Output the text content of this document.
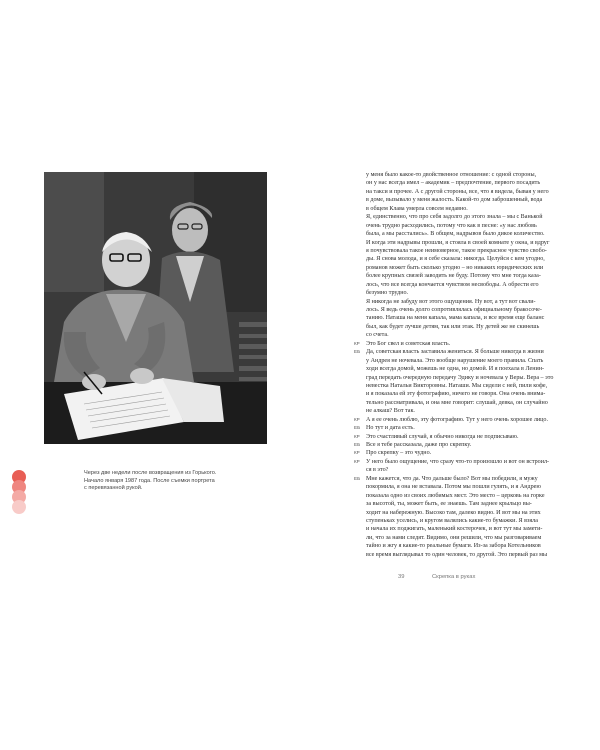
Через две недели после возвращения из Горького.
Начало января 1987 года. После съемки портрета
с перевязанной рукой.
у меня было какое-то двойственное отношение: с одной стороны,
он у нас всегда имел – академик – предпочтение, первого посадить
на такси и прочее. А с другой стороны, все, что я видела, бывая у него
в доме, вызывало у меня жалость. Какой-то дом заброшенный, вода
в общем Клава умерла совсем недавно.
Я, единственно, что про себя задолго до этого знала – мы с Ванькой
очень трудно расходились, потому что как в песне: «у нас любовь
была, а мы расстались». В общем, надрывов было дикое количество.
И когда эти надрывы прошли, я стояла в своей комнате у окна, и вдруг
я почувствовала такое неимоверное, такое прекрасное чувство свобо-
ды. Я снова молода, и я себе сказала: никогда. Целуйся с кем угодно,
романов может быть сколько угодно – но никаких юридических или
более крупных связей заводить не буду. Потому что мне тогда каза-
лось, что все всегда кончается чувством несвободы. А обрести его
безумно трудно.
Я никогда не забуду вот этого ощущения. Ну вот, а тут вот свали-
лось. Я ведь очень долго сопротивлялась официальному бракосоче-
танию. Наташа на меня капала, мама капала, и все время еще баланс
был, как будет лучше детям, так или этак. Ну детей же не скинешь
со счета.
КР Это Бог свел и советская власть.
ЕБ Да, советская власть заставила жениться. Я больше никогда в жизни
у Андрея не ночевала. Это вообще нарушение моего правила. Спать
ходи всегда домой, можешь не одна, но домой. И я поехала в Ленин-
град передать очередную передачу Эдику и ночевала у Веры. Вера – это
невестка Натальи Викторовны. Наташи. Мы сидели с ней, пили кофе,
и я показала ей эту фотографию, ничего не говоря. Она очень внима-
тельно рассматривала, и она мне говорит: слушай, девка, он случайно
не алкаш? Вот так.
КР А я ее очень люблю, эту фотографию. Тут у него очень хорошее лицо.
ЕБ Но тут и дата есть.
КР Это счастливый случай, я обычно никогда не подписываю.
ЕБ Все я тебе рассказала, даже про скрепку.
КР Про скрепку – это чудно.
КР У него было ощущение, что сразу что-то произошло и вот он встроил-
ся в это?
ЕБ Мне кажется, что да. Что дальше было? Вот мы победили, я мужу
покормила, я она не вставала. Потом мы пошли гулять, и я Андрею
показала одно из своих любимых мест. Это место – церковь на горке
за высотой, ты, может быть, ее знаешь. Там заднее крыльцо вы-
ходит на набережную. Высоко там, далеко видно. И вот мы на этих
ступеньках уселись, и кругом валялись какие-то бумажки. Я взяла
и начала их поджигать, маленький костерочек, и вот тут мы замети-
ли, что за нами следят. Видимо, они решили, что мы разговариваем
тайно и жгу я какие-то реальные бумаги. Из-за забора Котельников
все время выглядывал то один человек, то другой. Это первый раз мы
39	Скрепка в руках
